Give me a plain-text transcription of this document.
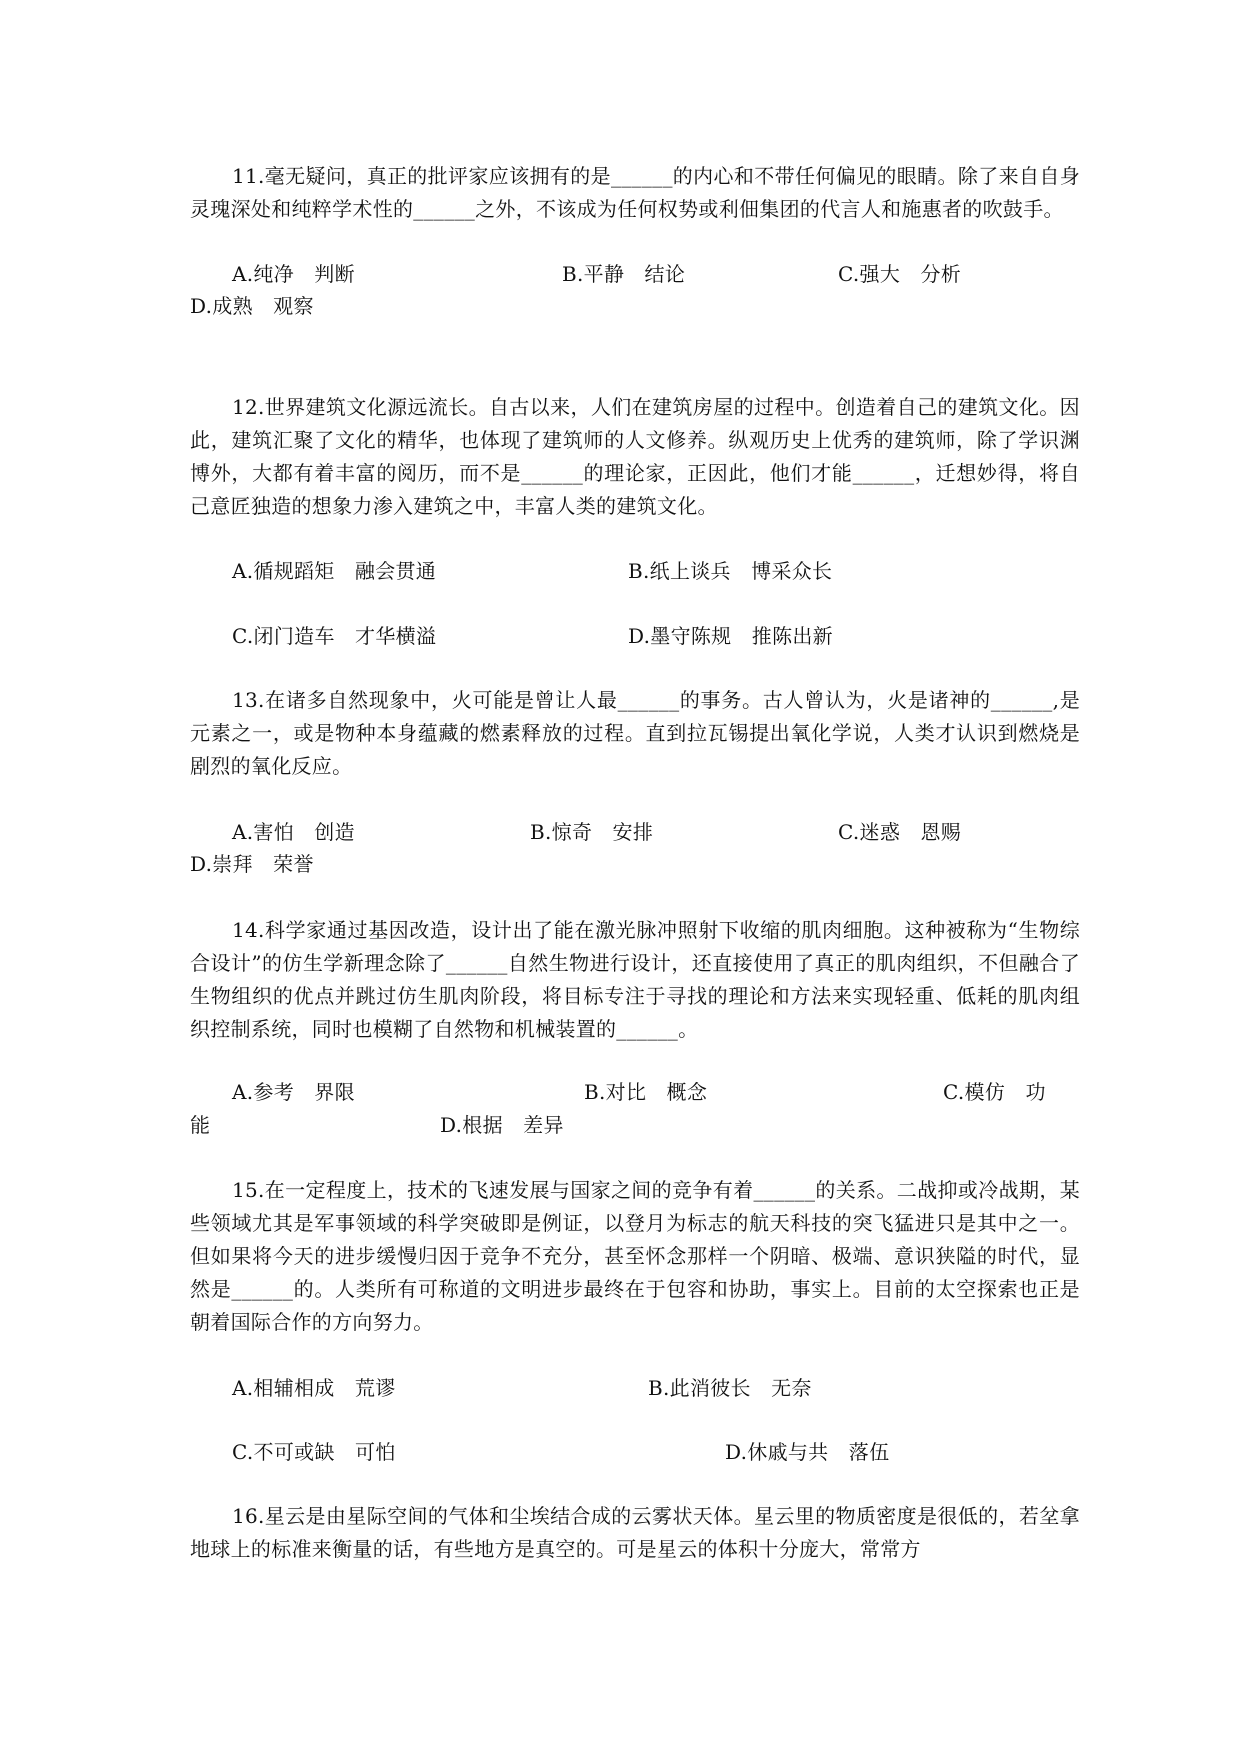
11.毫无疑问，真正的批评家应该拥有的是______的内心和不带任何偏见的眼睛。除了来自自身灵瑰深处和纯粹学术性的______之外，不该成为任何权势或利佃集团的代言人和施惠者的吹鼓手。

A.纯净　判断	B.平静　结论	C.强大　分析
D.成熟　观察

12.世界建筑文化源远流长。自古以来，人们在建筑房屋的过程中。创造着自己的建筑文化。因此，建筑汇聚了文化的精华，也体现了建筑师的人文修养。纵观历史上优秀的建筑师，除了学识渊博外，大都有着丰富的阅历，而不是______的理论家，正因此，他们才能______，迁想妙得，将自己意匠独造的想象力渗入建筑之中，丰富人类的建筑文化。

A.循规蹈矩　融会贯通	B.纸上谈兵　博采众长
C.闭门造车　才华横溢	D.墨守陈规　推陈出新

13.在诸多自然现象中，火可能是曾让人最______的事务。古人曾认为，火是诸神的______,是元素之一，或是物种本身蕴藏的燃素释放的过程。直到拉瓦锡提出氧化学说，人类才认识到燃烧是剧烈的氧化反应。

A.害怕　创造	B.惊奇　安排	C.迷惑　恩赐
D.崇拜　荣誉

14.科学家通过基因改造，设计出了能在激光脉冲照射下收缩的肌肉细胞。这种被称为“生物综合设计”的仿生学新理念除了______自然生物进行设计，还直接使用了真正的肌肉组织，不但融合了生物组织的优点并跳过仿生肌肉阶段，将目标专注于寻找的理论和方法来实现轻重、低耗的肌肉组织控制系统，同时也模糊了自然物和机械装置的______。

A.参考　界限	B.对比　概念	C.模仿　功
能	D.根据　差异

15.在一定程度上，技术的飞速发展与国家之间的竞争有着______的关系。二战抑或冷战期，某些领域尤其是军事领域的科学突破即是例证，以登月为标志的航天科技的突飞猛进只是其中之一。但如果将今天的进步缓慢归因于竞争不充分，甚至怀念那样一个阴暗、极端、意识狭隘的时代，显然是______的。人类所有可称道的文明进步最终在于包容和协助，事实上。目前的太空探索也正是朝着国际合作的方向努力。

A.相辅相成　荒谬	B.此消彼长　无奈
C.不可或缺　可怕	D.休戚与共　落伍

16.星云是由星际空间的气体和尘埃结合成的云雾状天体。星云里的物质密度是很低的，若坌拿地球上的标准来衡量的话，有些地方是真空的。可是星云的体积十分庞大，常常方
